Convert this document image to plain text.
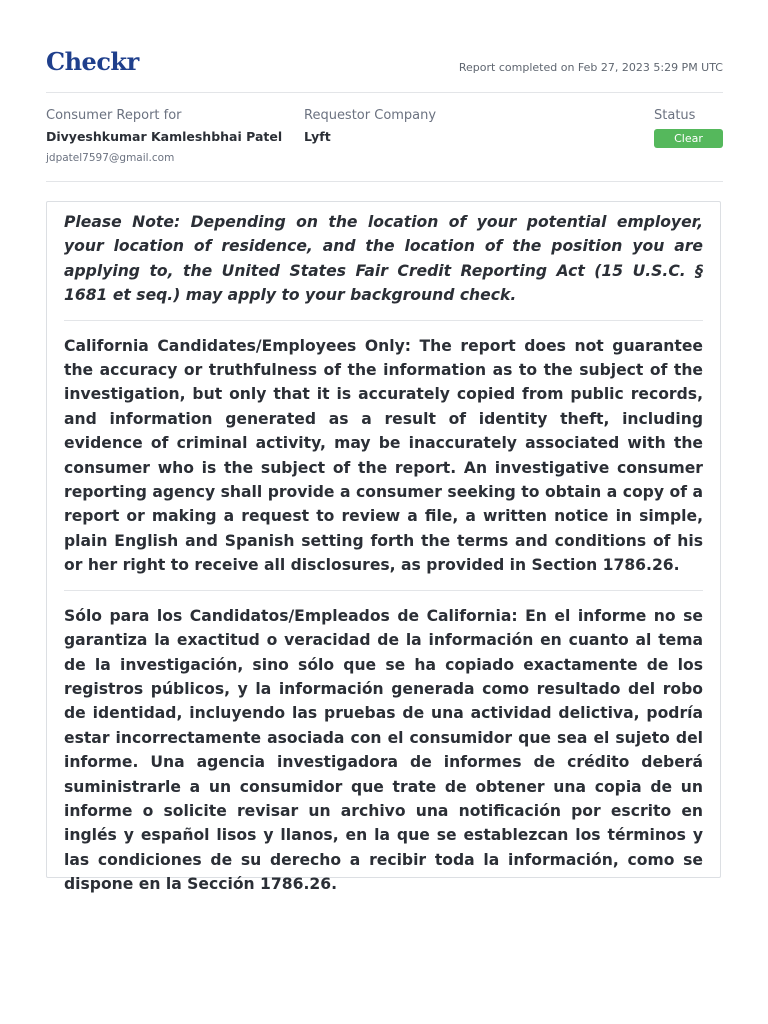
Checkr	Report completed on Feb 27, 2023 5:29 PM UTC
Consumer Report for
Divyeshkumar Kamleshbhai Patel
jdpatel7597@gmail.com
Requestor Company
Lyft
Status
Clear

Please Note: Depending on the location of your potential employer, your location of residence, and the location of the position you are applying to, the United States Fair Credit Reporting Act (15 U.S.C. § 1681 et seq.) may apply to your background check.

California Candidates/Employees Only: The report does not guarantee the accuracy or truthfulness of the information as to the subject of the investigation, but only that it is accurately copied from public records, and information generated as a result of identity theft, including evidence of criminal activity, may be inaccurately associated with the consumer who is the subject of the report. An investigative consumer reporting agency shall provide a consumer seeking to obtain a copy of a report or making a request to review a file, a written notice in simple, plain English and Spanish setting forth the terms and conditions of his or her right to receive all disclosures, as provided in Section 1786.26.

Sólo para los Candidatos/Empleados de California: En el informe no se garantiza la exactitud o veracidad de la información en cuanto al tema de la investigación, sino sólo que se ha copiado exactamente de los registros públicos, y la información generada como resultado del robo de identidad, incluyendo las pruebas de una actividad delictiva, podría estar incorrectamente asociada con el consumidor que sea el sujeto del informe. Una agencia investigadora de informes de crédito deberá suministrarle a un consumidor que trate de obtener una copia de un informe o solicite revisar un archivo una notificación por escrito en inglés y español lisos y llanos, en la que se establezcan los términos y las condiciones de su derecho a recibir toda la información, como se dispone en la Sección 1786.26.
